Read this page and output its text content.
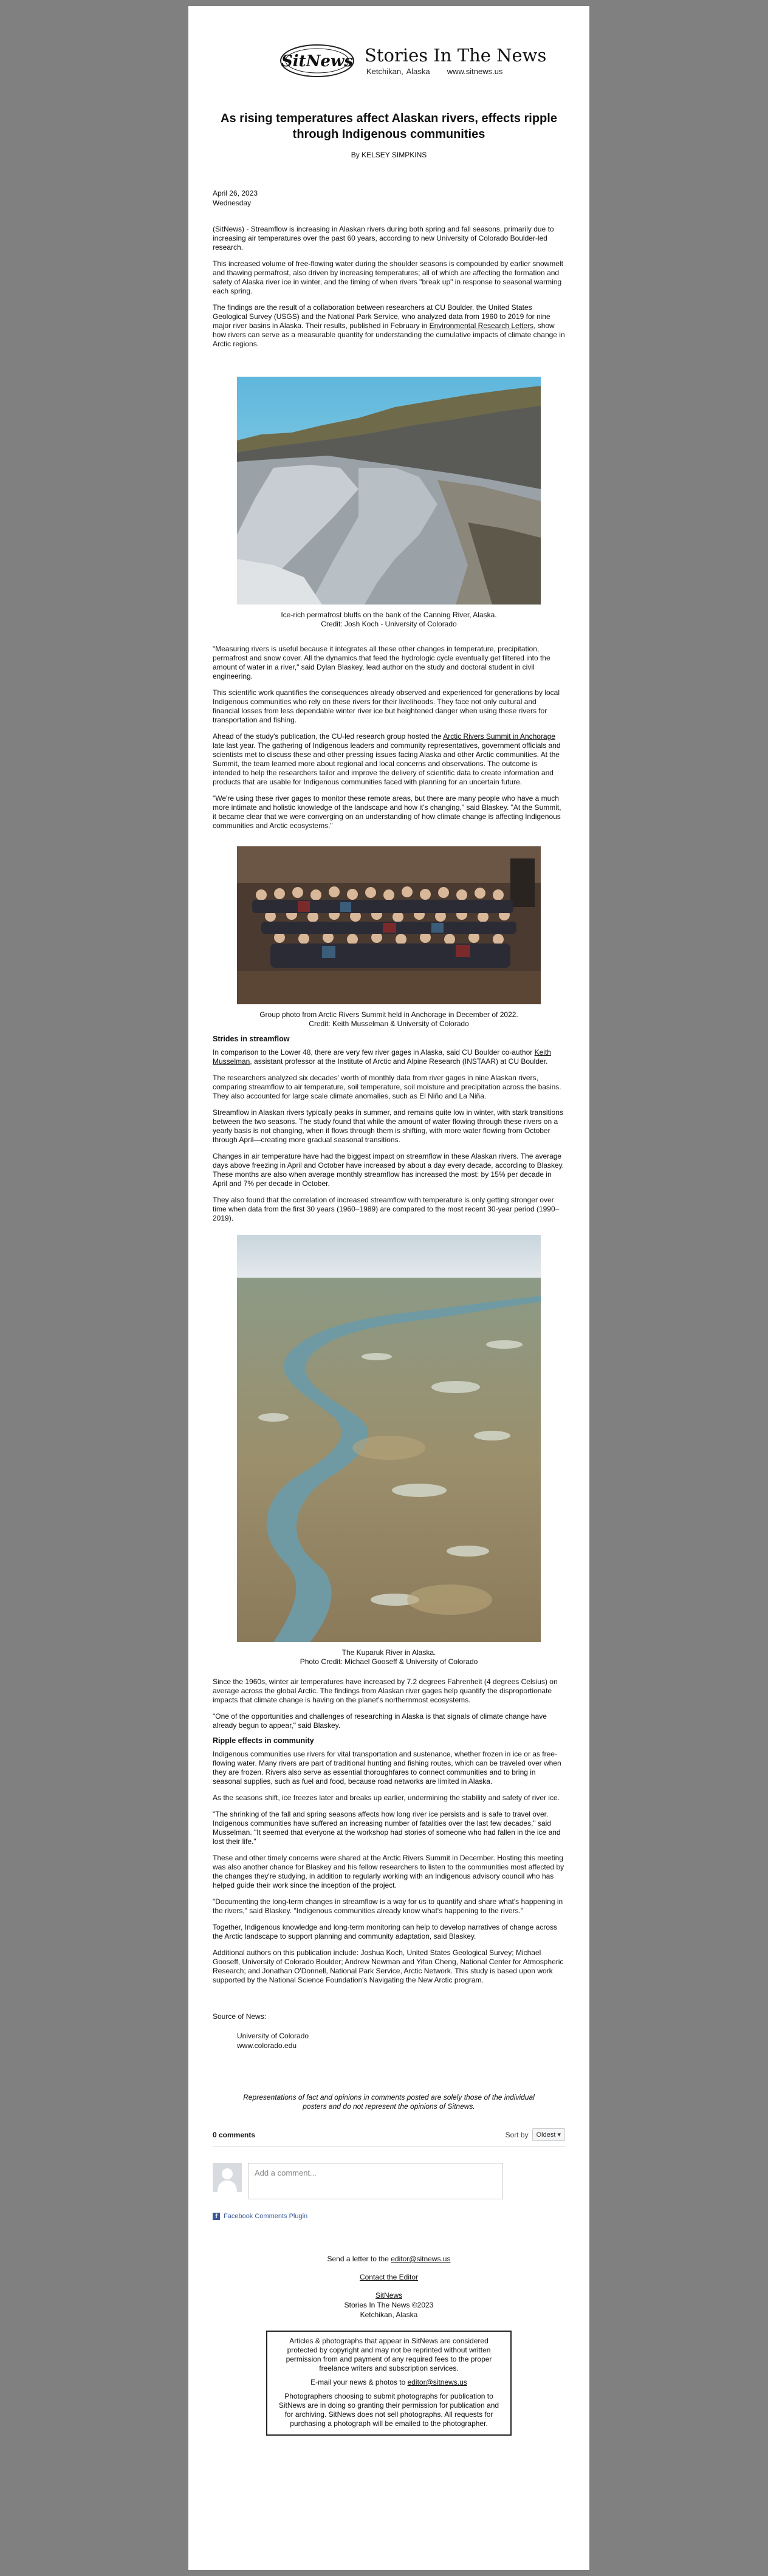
SitNews Stories In The News
Ketchikan, Alaska www.sitnews.us
As rising temperatures affect Alaskan rivers, effects ripple through Indigenous communities
By KELSEY SIMPKINS
April 26, 2023
Wednesday

(SitNews) - Streamflow is increasing in Alaskan rivers during both spring and fall seasons, primarily due to increasing air temperatures over the past 60 years, according to new University of Colorado Boulder-led research.

This increased volume of free-flowing water during the shoulder seasons is compounded by earlier snowmelt and thawing permafrost, also driven by increasing temperatures; all of which are affecting the formation and safety of Alaska river ice in winter, and the timing of when rivers "break up" in response to seasonal warming each spring.

The findings are the result of a collaboration between researchers at CU Boulder, the United States Geological Survey (USGS) and the National Park Service, who analyzed data from 1960 to 2019 for nine major river basins in Alaska. Their results, published in February in Environmental Research Letters, show how rivers can serve as a measurable quantity for understanding the cumulative impacts of climate change in Arctic regions.

Ice-rich permafrost bluffs on the bank of the Canning River, Alaska.
Credit: Josh Koch - University of Colorado

"Measuring rivers is useful because it integrates all these other changes in temperature, precipitation, permafrost and snow cover. All the dynamics that feed the hydrologic cycle eventually get filtered into the amount of water in a river," said Dylan Blaskey, lead author on the study and doctoral student in civil engineering.

This scientific work quantifies the consequences already observed and experienced for generations by local Indigenous communities who rely on these rivers for their livelihoods. They face not only cultural and financial losses from less dependable winter river ice but heightened danger when using these rivers for transportation and fishing.

Ahead of the study's publication, the CU-led research group hosted the Arctic Rivers Summit in Anchorage late last year. The gathering of Indigenous leaders and community representatives, government officials and scientists met to discuss these and other pressing issues facing Alaska and other Arctic communities. At the Summit, the team learned more about regional and local concerns and observations. The outcome is intended to help the researchers tailor and improve the delivery of scientific data to create information and products that are usable for Indigenous communities faced with planning for an uncertain future.

"We're using these river gages to monitor these remote areas, but there are many people who have a much more intimate and holistic knowledge of the landscape and how it's changing," said Blaskey. "At the Summit, it became clear that we were converging on an understanding of how climate change is affecting Indigenous communities and Arctic ecosystems."

Group photo from Arctic Rivers Summit held in Anchorage in December of 2022.
Credit: Keith Musselman & University of Colorado
Strides in streamflow

In comparison to the Lower 48, there are very few river gages in Alaska, said CU Boulder co-author Keith Musselman, assistant professor at the Institute of Arctic and Alpine Research (INSTAAR) at CU Boulder.

The researchers analyzed six decades' worth of monthly data from river gages in nine Alaskan rivers, comparing streamflow to air temperature, soil temperature, soil moisture and precipitation across the basins. They also accounted for large scale climate anomalies, such as El Niño and La Niña.

Streamflow in Alaskan rivers typically peaks in summer, and remains quite low in winter, with stark transitions between the two seasons. The study found that while the amount of water flowing through these rivers on a yearly basis is not changing, when it flows through them is shifting, with more water flowing from October through April—creating more gradual seasonal transitions.

Changes in air temperature have had the biggest impact on streamflow in these Alaskan rivers. The average days above freezing in April and October have increased by about a day every decade, according to Blaskey. These months are also when average monthly streamflow has increased the most: by 15% per decade in April and 7% per decade in October.

They also found that the correlation of increased streamflow with temperature is only getting stronger over time when data from the first 30 years (1960–1989) are compared to the most recent 30-year period (1990–2019).

The Kuparuk River in Alaska.
Photo Credit: Michael Gooseff & University of Colorado

Since the 1960s, winter air temperatures have increased by 7.2 degrees Fahrenheit (4 degrees Celsius) on average across the global Arctic. The findings from Alaskan river gages help quantify the disproportionate impacts that climate change is having on the planet's northernmost ecosystems.

"One of the opportunities and challenges of researching in Alaska is that signals of climate change have already begun to appear," said Blaskey.

Ripple effects in community

Indigenous communities use rivers for vital transportation and sustenance, whether frozen in ice or as free-flowing water. Many rivers are part of traditional hunting and fishing routes, which can be traveled over when they are frozen. Rivers also serve as essential thoroughfares to connect communities and to bring in seasonal supplies, such as fuel and food, because road networks are limited in Alaska.

As the seasons shift, ice freezes later and breaks up earlier, undermining the stability and safety of river ice.

"The shrinking of the fall and spring seasons affects how long river ice persists and is safe to travel over. Indigenous communities have suffered an increasing number of fatalities over the last few decades," said Musselman. "It seemed that everyone at the workshop had stories of someone who had fallen in the ice and lost their life."

These and other timely concerns were shared at the Arctic Rivers Summit in December. Hosting this meeting was also another chance for Blaskey and his fellow researchers to listen to the communities most affected by the changes they're studying, in addition to regularly working with an Indigenous advisory council who has helped guide their work since the inception of the project.

"Documenting the long-term changes in streamflow is a way for us to quantify and share what's happening in the rivers," said Blaskey. "Indigenous communities already know what's happening to the rivers."

Together, Indigenous knowledge and long-term monitoring can help to develop narratives of change across the Arctic landscape to support planning and community adaptation, said Blaskey.

Additional authors on this publication include: Joshua Koch, United States Geological Survey; Michael Gooseff, University of Colorado Boulder; Andrew Newman and Yifan Cheng, National Center for Atmospheric Research; and Jonathan O'Donnell, National Park Service, Arctic Network. This study is based upon work supported by the National Science Foundation's Navigating the New Arctic program.

Source of News:
University of Colorado
www.colorado.edu
Representations of fact and opinions in comments posted are solely those of the individual posters and do not represent the opinions of Sitnews.
0 comments	Sort by	Oldest ▾
Add a comment...
f Facebook Comments Plugin
Send a letter to the editor@sitnews.us
Contact the Editor
SitNews
Stories In The News ©2023
Ketchikan, Alaska

Articles & photographs that appear in SitNews are considered protected by copyright and may not be reprinted without written permission from and payment of any required fees to the proper freelance writers and subscription services.

E-mail your news & photos to editor@sitnews.us

Photographers choosing to submit photographs for publication to SitNews are in doing so granting their permission for publication and for archiving. SitNews does not sell photographs. All requests for purchasing a photograph will be emailed to the photographer.
